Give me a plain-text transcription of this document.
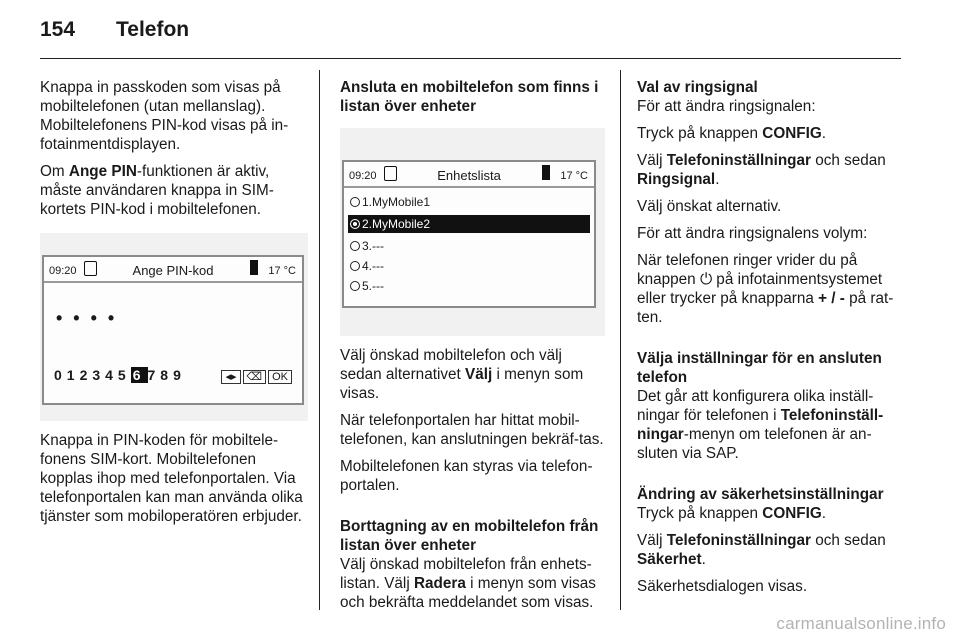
154 Telefon

Knappa in passkoden som visas på mobiltelefonen (utan mellanslag). Mobiltelefonens PIN-kod visas på in-fotainmentdisplayen.

Om Ange PIN-funktionen är aktiv, måste användaren knappa in SIM-kortets PIN-kod i mobiltelefonen.

09:20	Ange PIN-kod	17 °C
• • • •
012345 6 789	◂▸ ⌫ OK

Knappa in PIN-koden för mobiltele-fonens SIM-kort. Mobiltelefonen kopplas ihop med telefonportalen. Via telefonportalen kan man använda olika tjänster som mobiloperatören erbjuder.

Ansluta en mobiltelefon som finns i listan över enheter

09:20	Enhetslista	17 °C
1.MyMobile1
2.MyMobile2
3.---
4.---
5.---

Välj önskad mobiltelefon och välj sedan alternativet Välj i menyn som visas.

När telefonportalen har hittat mobil-telefonen, kan anslutningen bekräf-tas.

Mobiltelefonen kan styras via telefon-portalen.

Borttagning av en mobiltelefon från listan över enheter

Välj önskad mobiltelefon från enhets-listan. Välj Radera i menyn som visas och bekräfta meddelandet som visas.

Val av ringsignal

För att ändra ringsignalen:

Tryck på knappen CONFIG.

Välj Telefoninställningar och sedan Ringsignal.

Välj önskat alternativ.

För att ändra ringsignalens volym:

När telefonen ringer vrider du på knappen ⏻ på infotainmentsystemet eller trycker på knapparna + / - på rat-ten.

Välja inställningar för en ansluten telefon

Det går att konfigurera olika inställ-ningar för telefonen i Telefoninställ-ningar-menyn om telefonen är an-sluten via SAP.

Ändring av säkerhetsinställningar

Tryck på knappen CONFIG.

Välj Telefoninställningar och sedan Säkerhet.

Säkerhetsdialogen visas.

carmanualsonline.info
